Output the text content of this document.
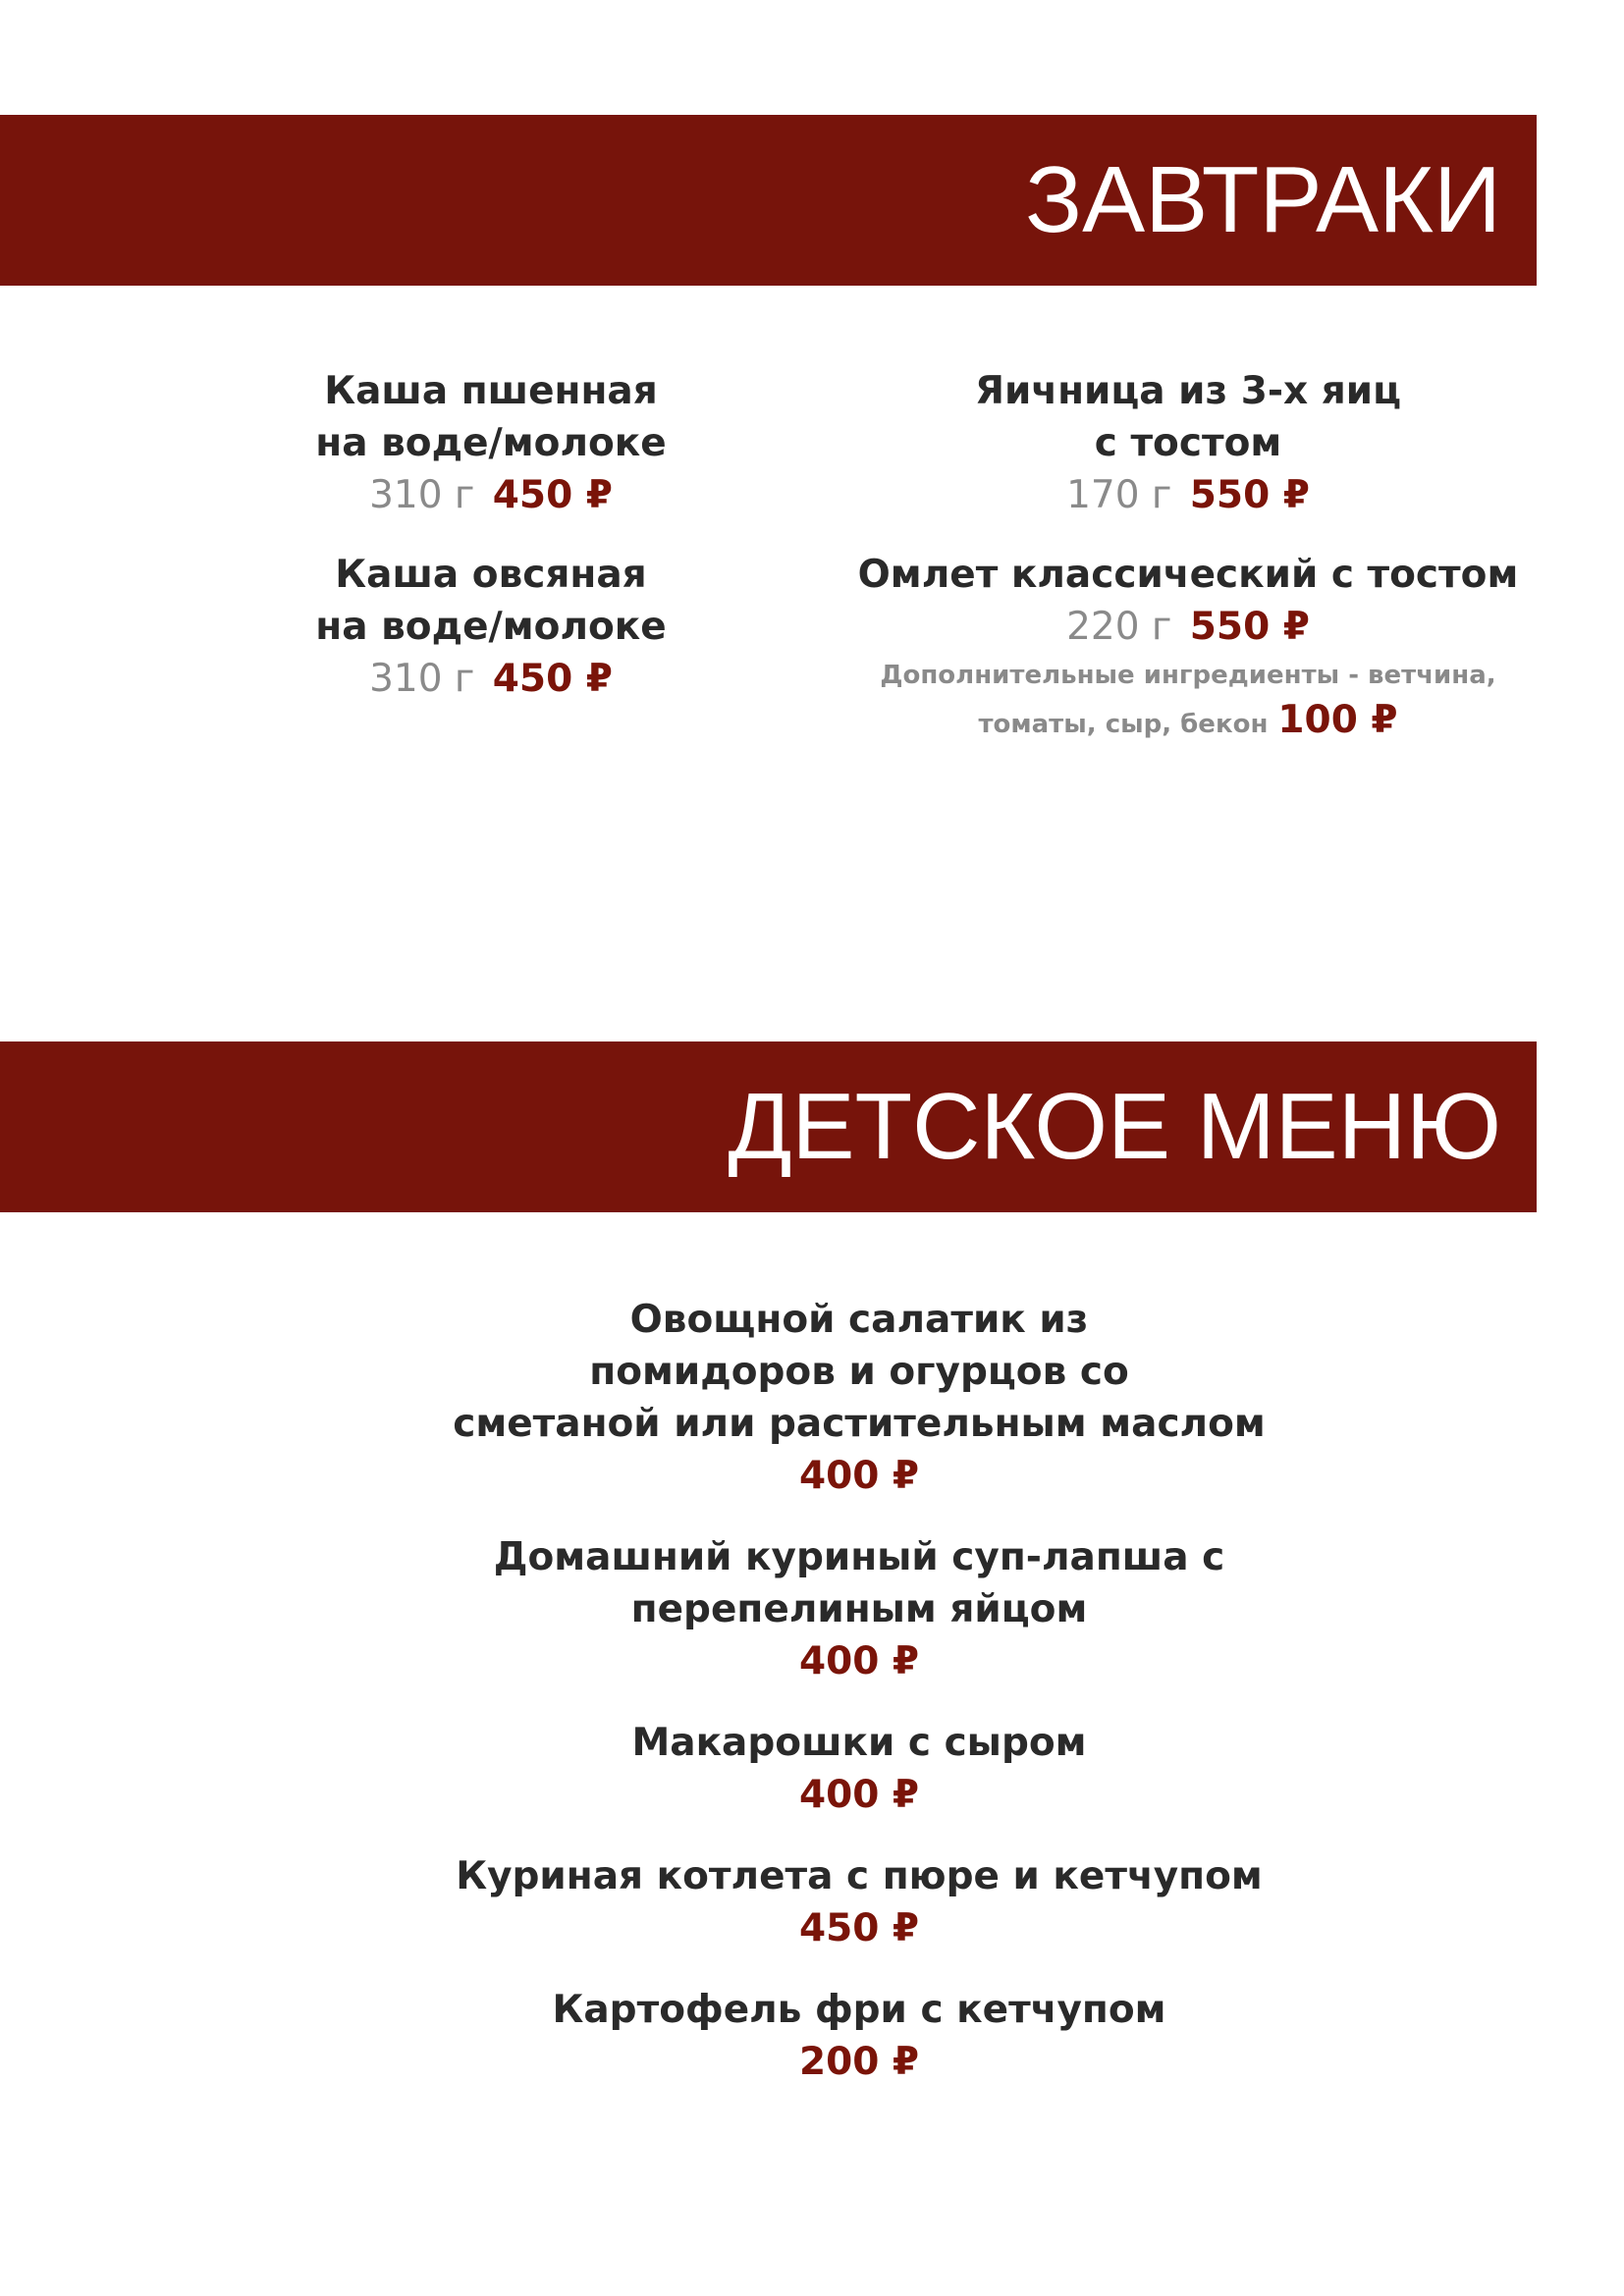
ЗАВТРАКИ
Каша пшенная
на воде/молоке
310 г 450 ₽
Каша овсяная
на воде/молоке
310 г 450 ₽
Яичница из 3-х яиц
с тостом
170 г 550 ₽
Омлет классический с тостом
220 г 550 ₽
Дополнительные ингредиенты - ветчина,
томаты, сыр, бекон 100 ₽
ДЕТСКОЕ МЕНЮ
Овощной салатик из
помидоров и огурцов со
сметаной или растительным маслом
400 ₽
Домашний куриный суп-лапша с
перепелиным яйцом
400 ₽
Макарошки с сыром
400 ₽
Куриная котлета с пюре и кетчупом
450 ₽
Картофель фри с кетчупом
200 ₽
